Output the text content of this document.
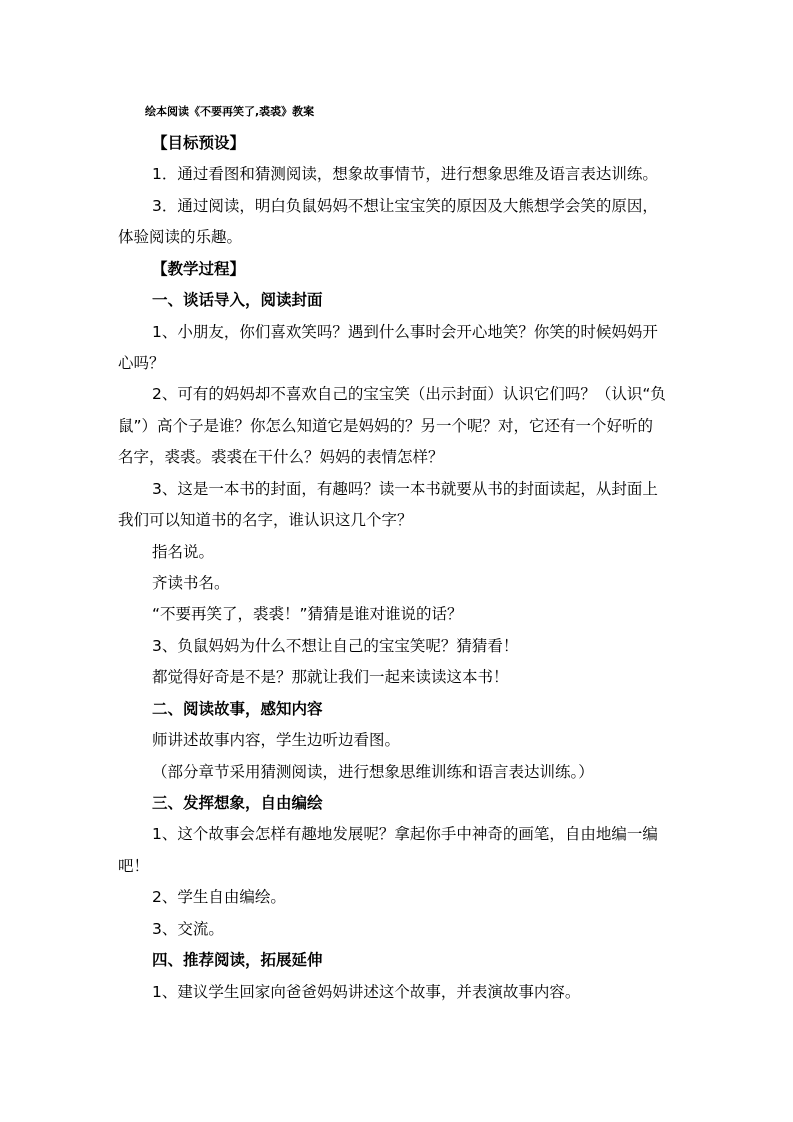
绘本阅读《不要再笑了,裘裘》教案
【目标预设】
1．通过看图和猜测阅读，想象故事情节，进行想象思维及语言表达训练。
3．通过阅读，明白负鼠妈妈不想让宝宝笑的原因及大熊想学会笑的原因，
体验阅读的乐趣。
【教学过程】
一、谈话导入，阅读封面
1、小朋友，你们喜欢笑吗？遇到什么事时会开心地笑？你笑的时候妈妈开
心吗？
2、可有的妈妈却不喜欢自己的宝宝笑（出示封面）认识它们吗？（认识“负
鼠”）高个子是谁？你怎么知道它是妈妈的？另一个呢？对，它还有一个好听的
名字，裘裘。裘裘在干什么？妈妈的表情怎样？
3、这是一本书的封面，有趣吗？读一本书就要从书的封面读起，从封面上
我们可以知道书的名字，谁认识这几个字？
指名说。
齐读书名。
“不要再笑了，裘裘！”猜猜是谁对谁说的话？
3、负鼠妈妈为什么不想让自己的宝宝笑呢？猜猜看！
都觉得好奇是不是？那就让我们一起来读读这本书！
二、阅读故事，感知内容
师讲述故事内容，学生边听边看图。
（部分章节采用猜测阅读，进行想象思维训练和语言表达训练。）
三、发挥想象，自由编绘
1、这个故事会怎样有趣地发展呢？拿起你手中神奇的画笔，自由地编一编
吧！
2、学生自由编绘。
3、交流。
四、推荐阅读，拓展延伸
1、建议学生回家向爸爸妈妈讲述这个故事，并表演故事内容。
